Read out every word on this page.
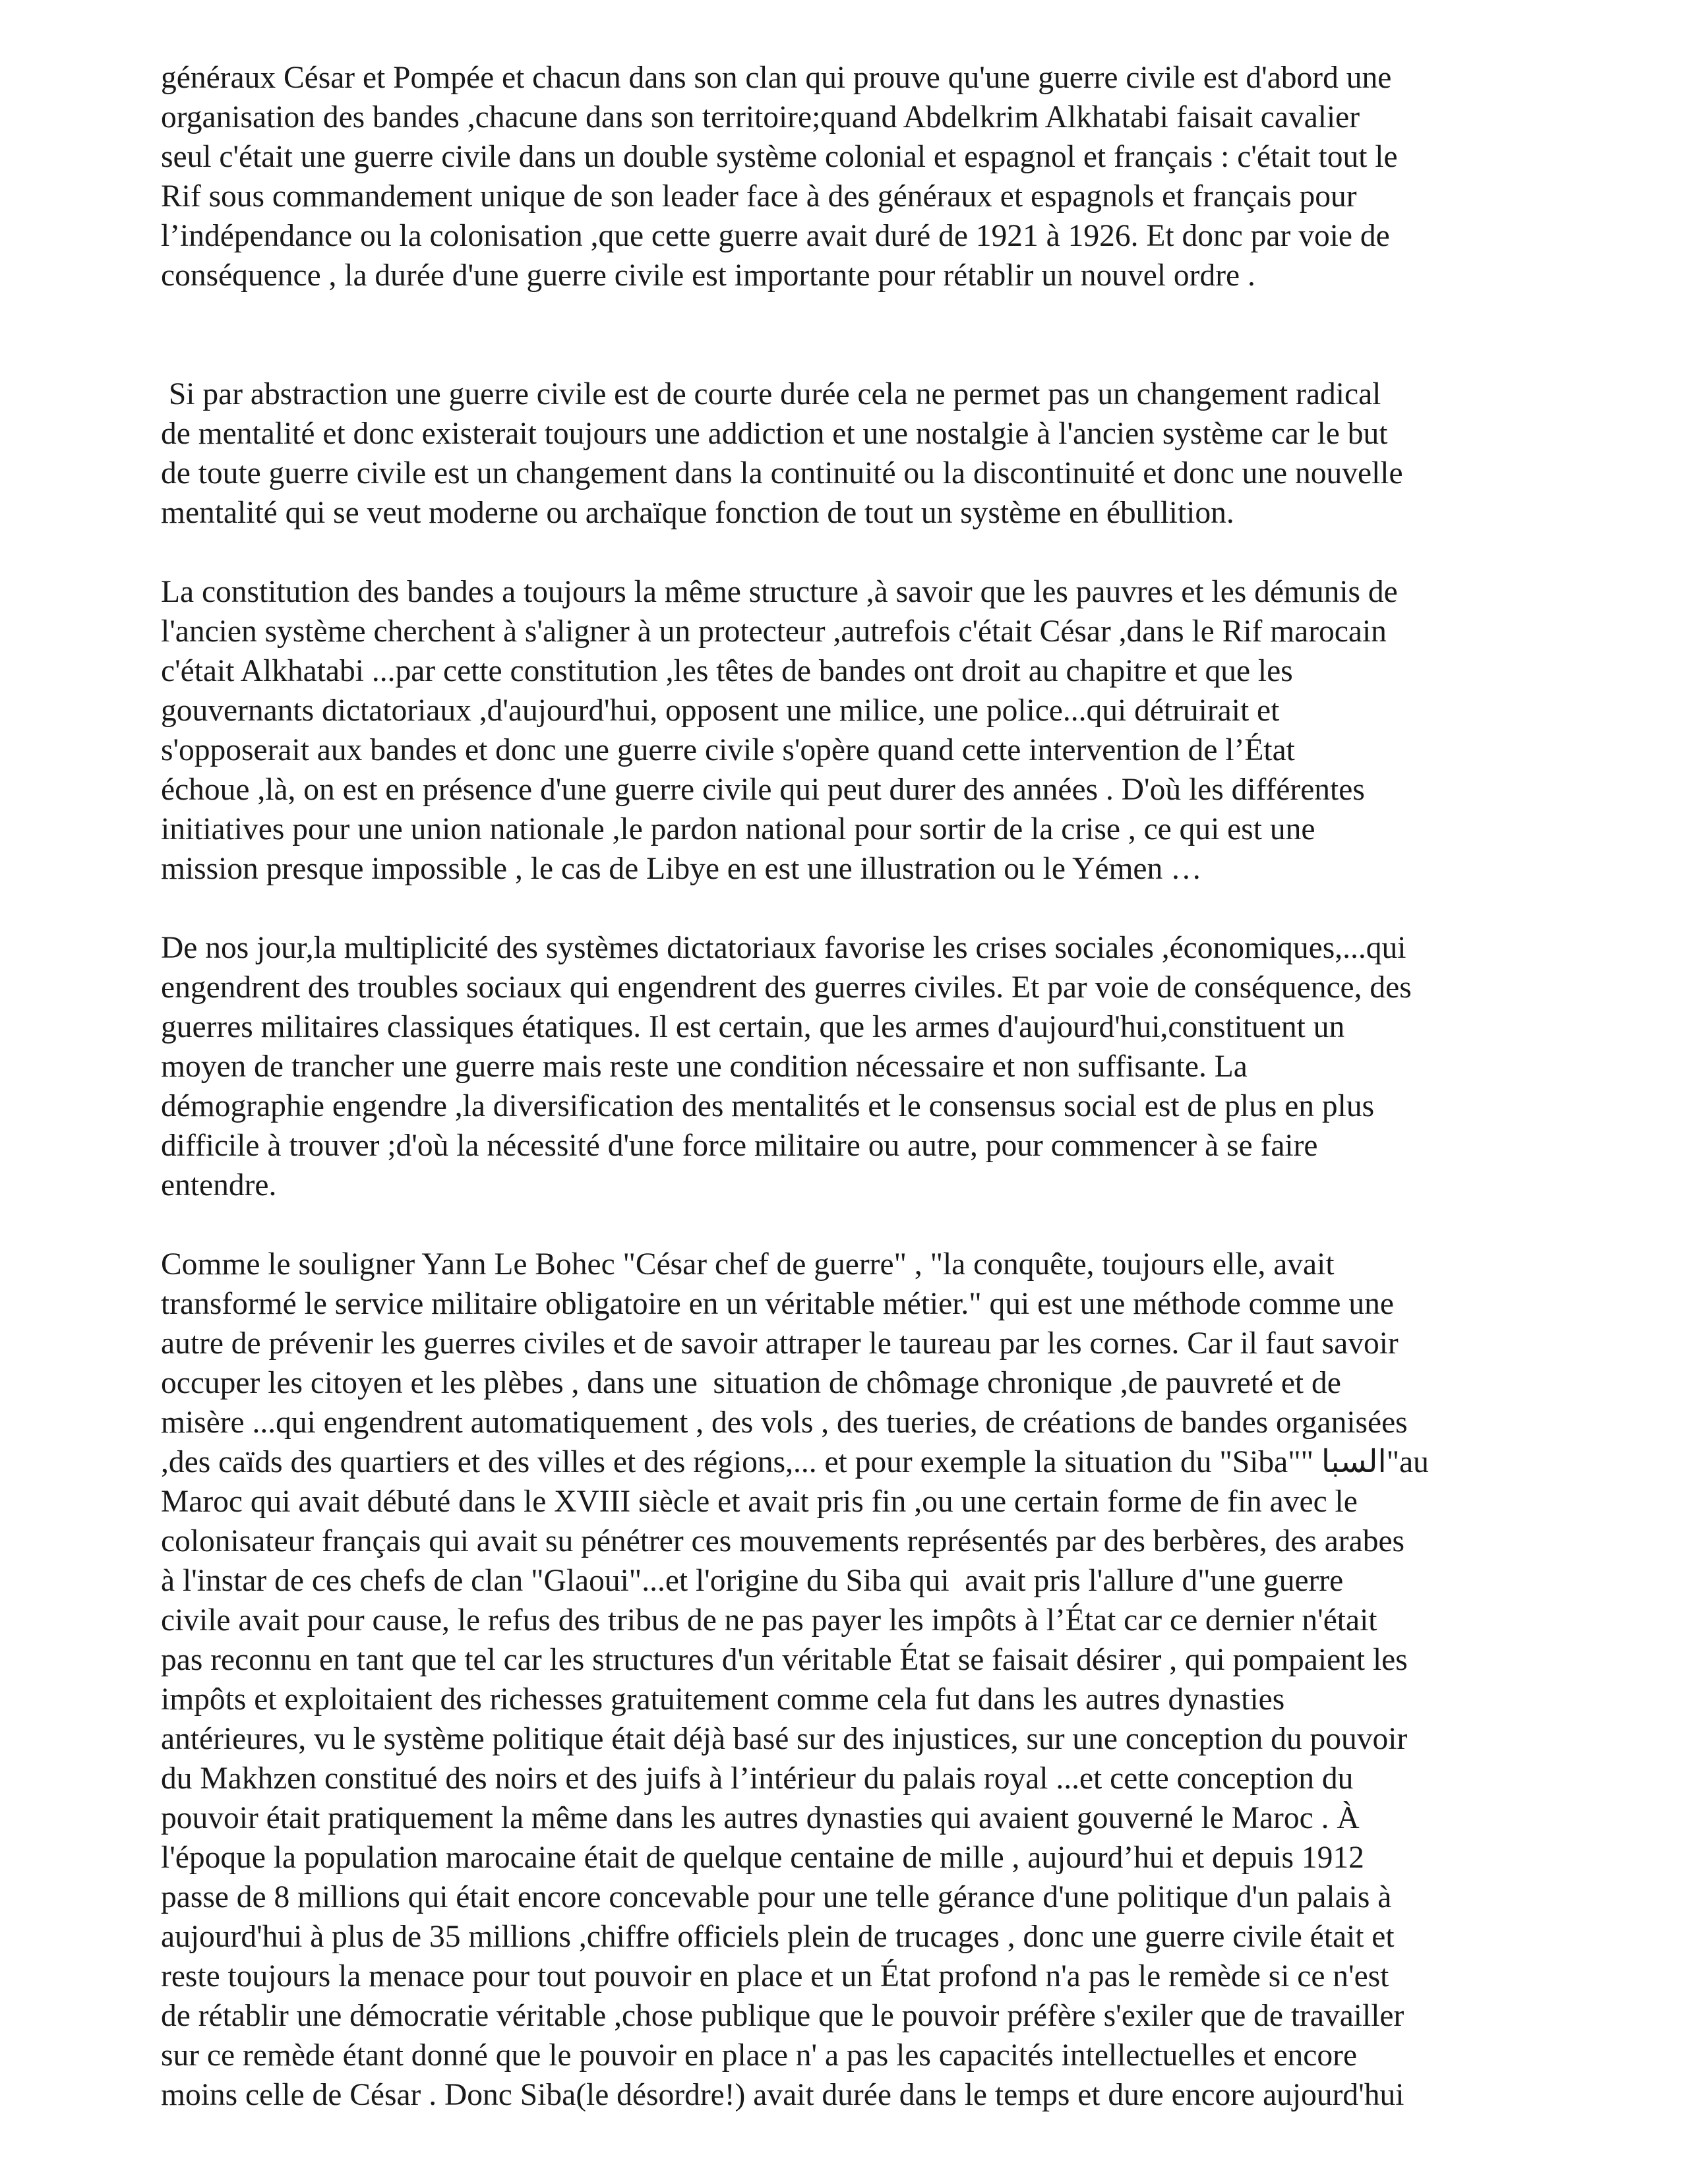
généraux César et Pompée et chacun dans son clan qui prouve qu'une guerre civile est d'abord une
organisation des bandes ,chacune dans son territoire;quand Abdelkrim Alkhatabi faisait cavalier
seul c'était une guerre civile dans un double système colonial et espagnol et français : c'était tout le
Rif sous commandement unique de son leader face à des généraux et espagnols et français pour
l’indépendance ou la colonisation ,que cette guerre avait duré de 1921 à 1926. Et donc par voie de
conséquence , la durée d'une guerre civile est importante pour rétablir un nouvel ordre .
Si par abstraction une guerre civile est de courte durée cela ne permet pas un changement radical
de mentalité et donc existerait toujours une addiction et une nostalgie à l'ancien système car le but
de toute guerre civile est un changement dans la continuité ou la discontinuité et donc une nouvelle
mentalité qui se veut moderne ou archaïque fonction de tout un système en ébullition.
La constitution des bandes a toujours la même structure ,à savoir que les pauvres et les démunis de
l'ancien système cherchent à s'aligner à un protecteur ,autrefois c'était César ,dans le Rif marocain
c'était Alkhatabi ...par cette constitution ,les têtes de bandes ont droit au chapitre et que les
gouvernants dictatoriaux ,d'aujourd'hui, opposent une milice, une police...qui détruirait et
s'opposerait aux bandes et donc une guerre civile s'opère quand cette intervention de l’État
échoue ,là, on est en présence d'une guerre civile qui peut durer des années . D'où les différentes
initiatives pour une union nationale ,le pardon national pour sortir de la crise , ce qui est une
mission presque impossible , le cas de Libye en est une illustration ou le Yémen …
De nos jour,la multiplicité des systèmes dictatoriaux favorise les crises sociales ,économiques,...qui
engendrent des troubles sociaux qui engendrent des guerres civiles. Et par voie de conséquence, des
guerres militaires classiques étatiques. Il est certain, que les armes d'aujourd'hui,constituent un
moyen de trancher une guerre mais reste une condition nécessaire et non suffisante. La
démographie engendre ,la diversification des mentalités et le consensus social est de plus en plus
difficile à trouver ;d'où la nécessité d'une force militaire ou autre, pour commencer à se faire
entendre.
Comme le souligner Yann Le Bohec "César chef de guerre" , "la conquête, toujours elle, avait
transformé le service militaire obligatoire en un véritable métier." qui est une méthode comme une
autre de prévenir les guerres civiles et de savoir attraper le taureau par les cornes. Car il faut savoir
occuper les citoyen et les plèbes , dans une  situation de chômage chronique ,de pauvreté et de
misère ...qui engendrent automatiquement , des vols , des tueries, de créations de bandes organisées
,des caïds des quartiers et des villes et des régions,... et pour exemple la situation du "Siba"" السبا"au
Maroc qui avait débuté dans le XVIII siècle et avait pris fin ,ou une certain forme de fin avec le
colonisateur français qui avait su pénétrer ces mouvements représentés par des berbères, des arabes
à l'instar de ces chefs de clan "Glaoui"...et l'origine du Siba qui  avait pris l'allure d"une guerre
civile avait pour cause, le refus des tribus de ne pas payer les impôts à l’État car ce dernier n'était
pas reconnu en tant que tel car les structures d'un véritable État se faisait désirer , qui pompaient les
impôts et exploitaient des richesses gratuitement comme cela fut dans les autres dynasties
antérieures, vu le système politique était déjà basé sur des injustices, sur une conception du pouvoir
du Makhzen constitué des noirs et des juifs à l’intérieur du palais royal ...et cette conception du
pouvoir était pratiquement la même dans les autres dynasties qui avaient gouverné le Maroc . À
l'époque la population marocaine était de quelque centaine de mille , aujourd’hui et depuis 1912
passe de 8 millions qui était encore concevable pour une telle gérance d'une politique d'un palais à
aujourd'hui à plus de 35 millions ,chiffre officiels plein de trucages , donc une guerre civile était et
reste toujours la menace pour tout pouvoir en place et un État profond n'a pas le remède si ce n'est
de rétablir une démocratie véritable ,chose publique que le pouvoir préfère s'exiler que de travailler
sur ce remède étant donné que le pouvoir en place n' a pas les capacités intellectuelles et encore
moins celle de César . Donc Siba(le désordre!) avait durée dans le temps et dure encore aujourd'hui
